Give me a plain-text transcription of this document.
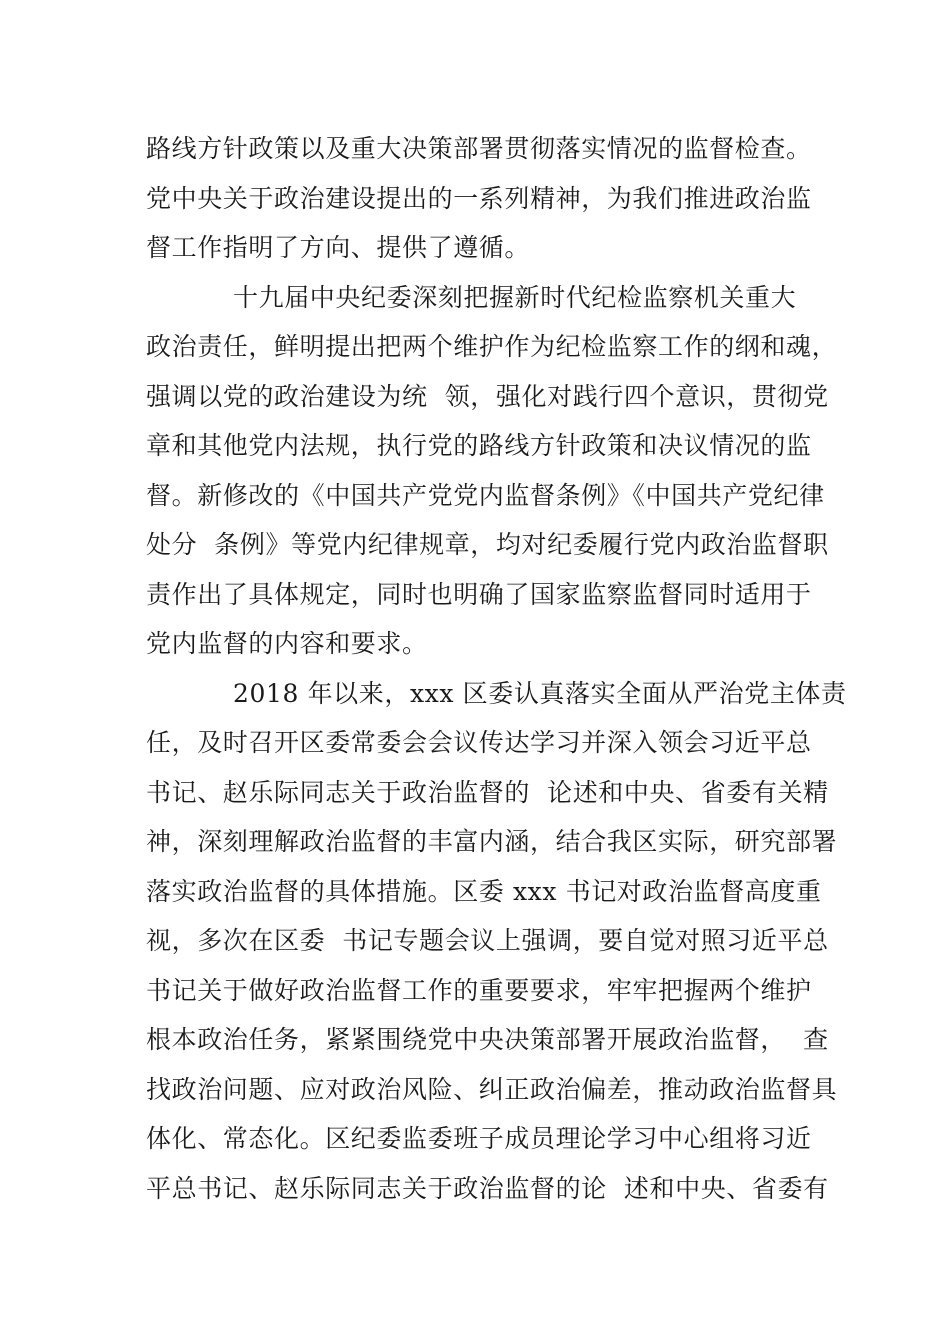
路线方针政策以及重大决策部署贯彻落实情况的监督检查。
党中央关于政治建设提出的一系列精神，为我们推进政治监
督工作指明了方向、提供了遵循。
十九届中央纪委深刻把握新时代纪检监察机关重大
政治责任，鲜明提出把两个维护作为纪检监察工作的纲和魂，
强调以党的政治建设为统  领，强化对践行四个意识，贯彻党
章和其他党内法规，执行党的路线方针政策和决议情况的监
督。新修改的《中国共产党党内监督条例》《中国共产党纪律
处分  条例》等党内纪律规章，均对纪委履行党内政治监督职
责作出了具体规定，同时也明确了国家监察监督同时适用于
党内监督的内容和要求。
2018 年以来，xxx 区委认真落实全面从严治党主体责
任，及时召开区委常委会会议传达学习并深入领会习近平总
书记、赵乐际同志关于政治监督的  论述和中央、省委有关精
神，深刻理解政治监督的丰富内涵，结合我区实际，研究部署
落实政治监督的具体措施。区委 xxx 书记对政治监督高度重
视，多次在区委  书记专题会议上强调，要自觉对照习近平总
书记关于做好政治监督工作的重要要求，牢牢把握两个维护
根本政治任务，紧紧围绕党中央决策部署开展政治监督，  查
找政治问题、应对政治风险、纠正政治偏差，推动政治监督具
体化、常态化。区纪委监委班子成员理论学习中心组将习近
平总书记、赵乐际同志关于政治监督的论  述和中央、省委有
